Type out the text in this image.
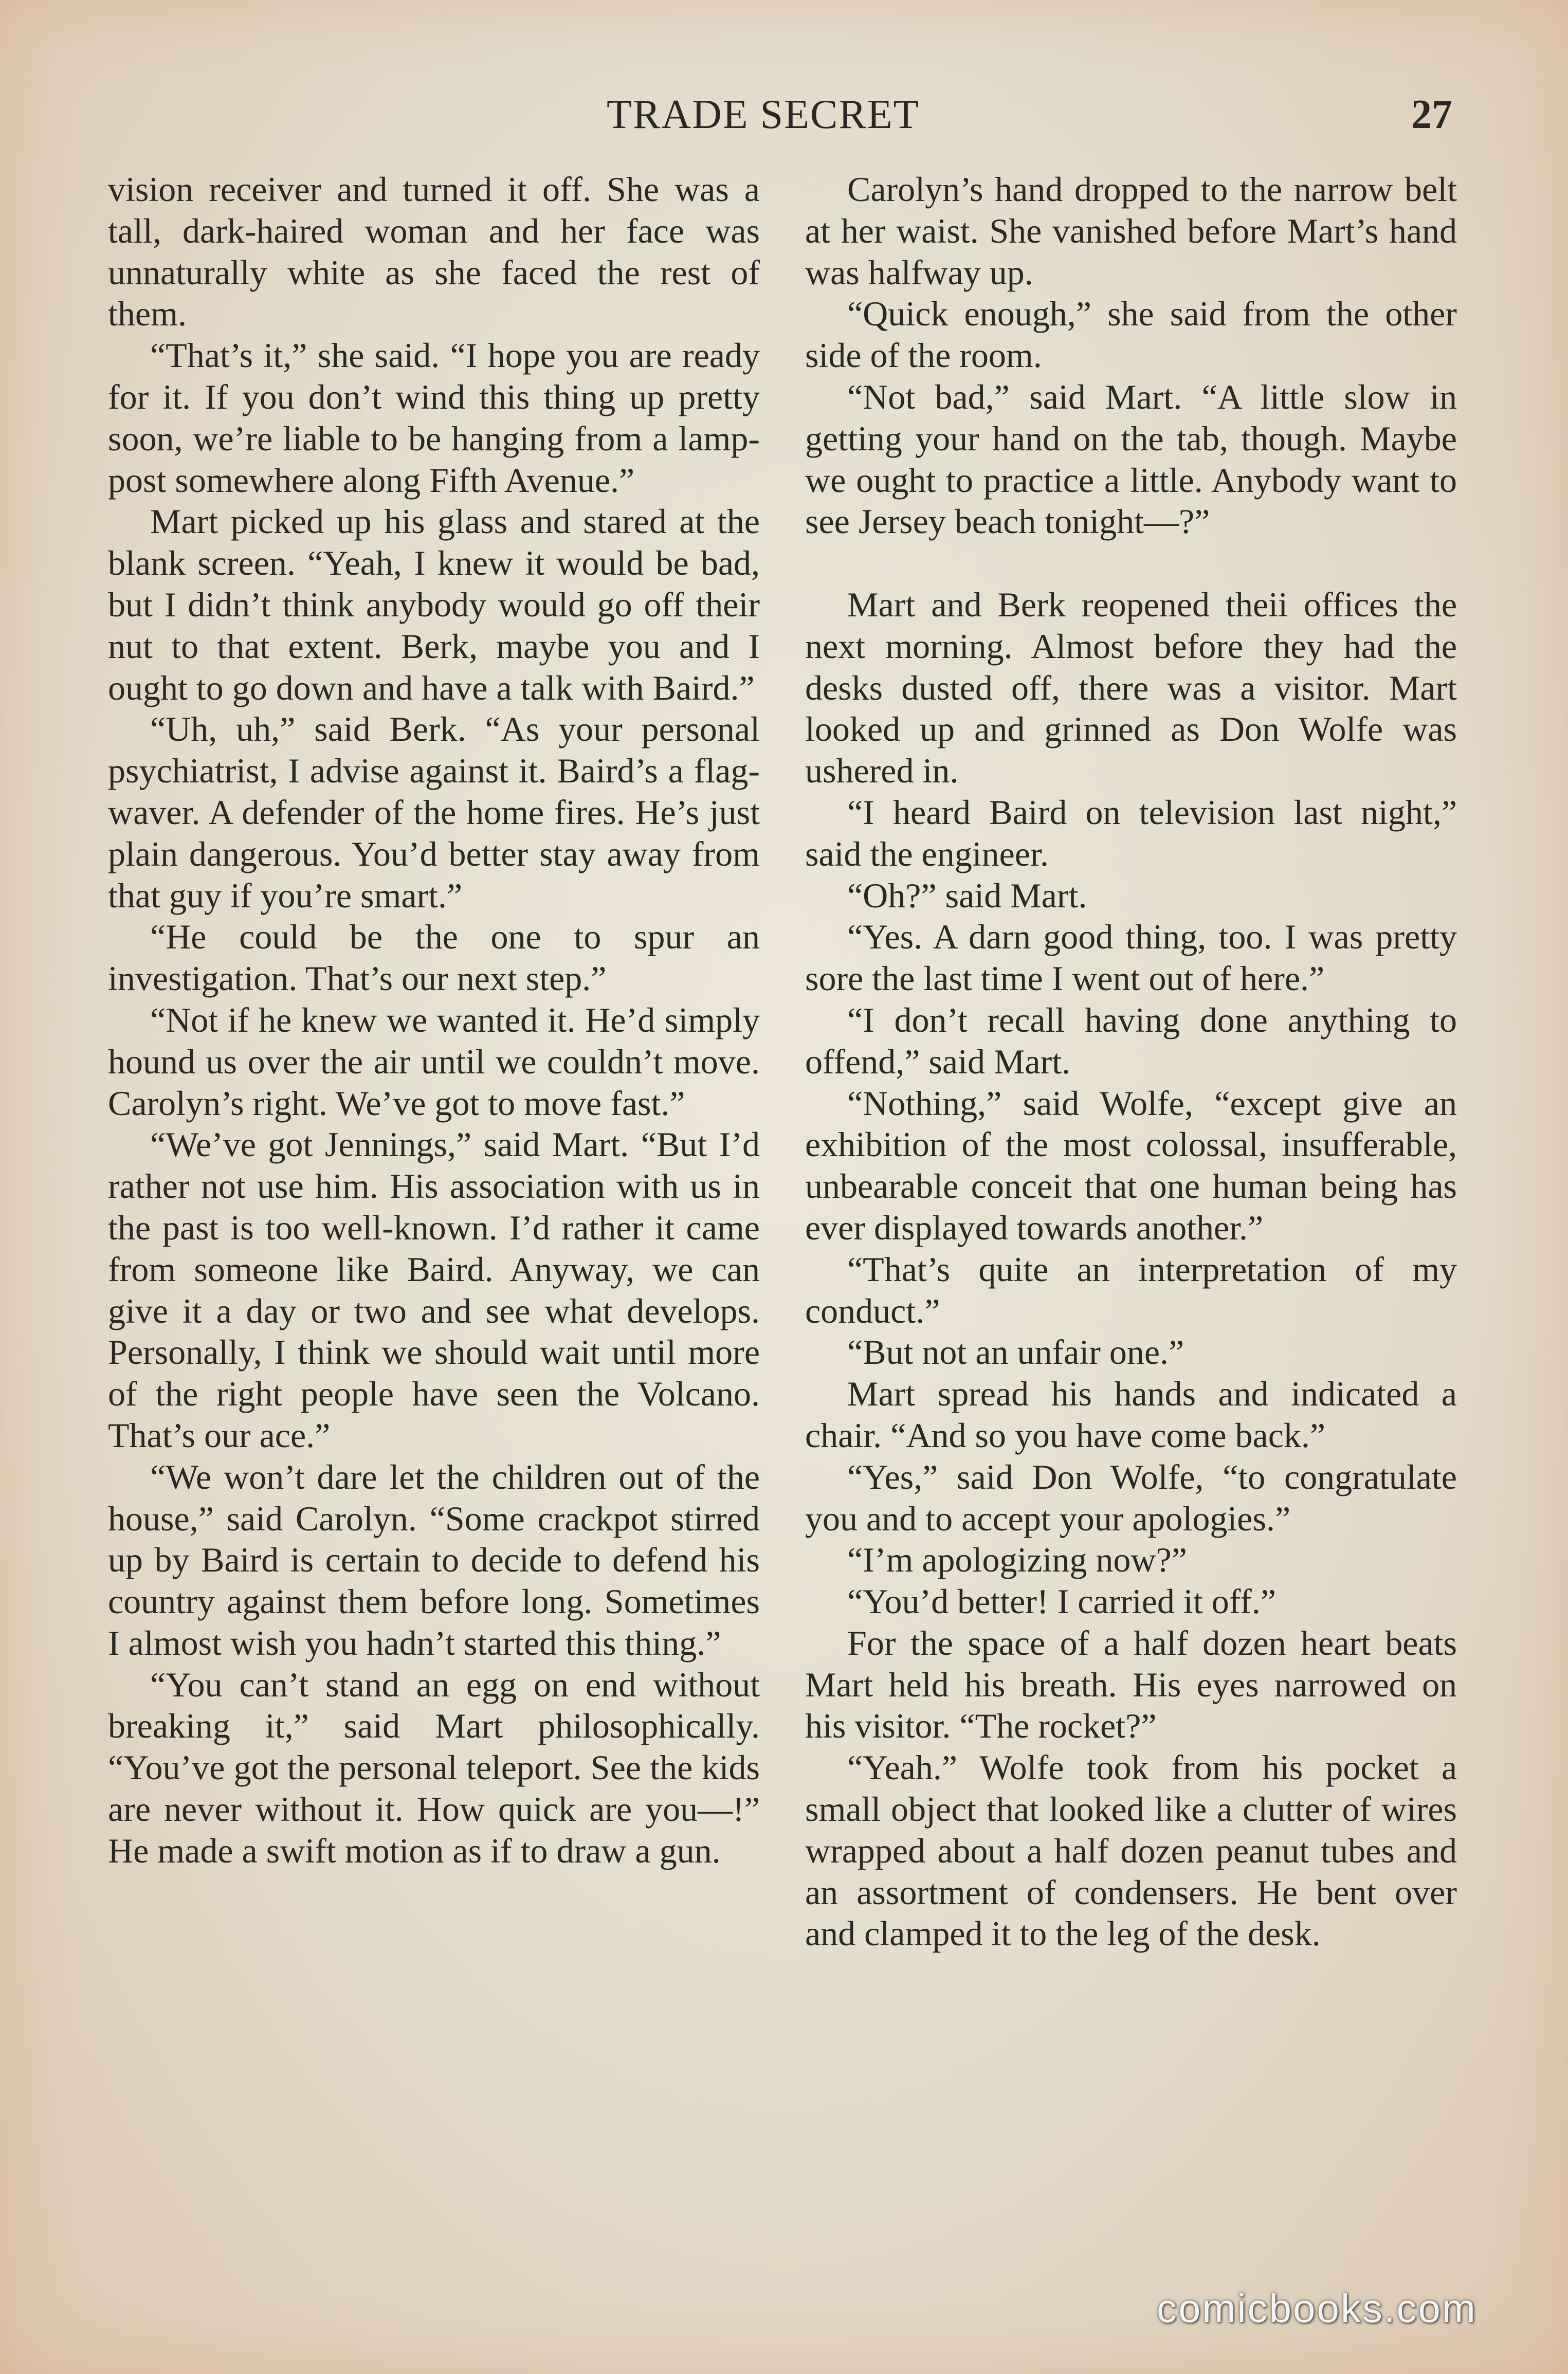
TRADE SECRET	27

vision receiver and turned it off. She was a tall, dark-haired woman and her face was unnaturally white as she faced the rest of them.

“That’s it,” she said. “I hope you are ready for it. If you don’t wind this thing up pretty soon, we’re liable to be hanging from a lamp-post somewhere along Fifth Avenue.”

Mart picked up his glass and stared at the blank screen. “Yeah, I knew it would be bad, but I didn’t think anybody would go off their nut to that extent. Berk, maybe you and I ought to go down and have a talk with Baird.”

“Uh, uh,” said Berk. “As your personal psychiatrist, I advise against it. Baird’s a flag-waver. A defender of the home fires. He’s just plain dangerous. You’d better stay away from that guy if you’re smart.”

“He could be the one to spur an investigation. That’s our next step.”

“Not if he knew we wanted it. He’d simply hound us over the air until we couldn’t move. Carolyn’s right. We’ve got to move fast.”

“We’ve got Jennings,” said Mart. “But I’d rather not use him. His association with us in the past is too well-known. I’d rather it came from someone like Baird. Anyway, we can give it a day or two and see what develops. Personally, I think we should wait until more of the right people have seen the Volcano. That’s our ace.”

“We won’t dare let the children out of the house,” said Carolyn. “Some crackpot stirred up by Baird is certain to decide to defend his country against them before long. Sometimes I almost wish you hadn’t started this thing.”

“You can’t stand an egg on end without breaking it,” said Mart philosophically. “You’ve got the personal teleport. See the kids are never without it. How quick are you—!” He made a swift motion as if to draw a gun.

Carolyn’s hand dropped to the narrow belt at her waist. She vanished before Mart’s hand was halfway up.

“Quick enough,” she said from the other side of the room.

“Not bad,” said Mart. “A little slow in getting your hand on the tab, though. Maybe we ought to practice a little. Anybody want to see Jersey beach tonight—?”

Mart and Berk reopened theii offices the next morning. Almost before they had the desks dusted off, there was a visitor. Mart looked up and grinned as Don Wolfe was ushered in.

“I heard Baird on television last night,” said the engineer.

“Oh?” said Mart.

“Yes. A darn good thing, too. I was pretty sore the last time I went out of here.”

“I don’t recall having done anything to offend,” said Mart.

“Nothing,” said Wolfe, “except give an exhibition of the most colossal, insufferable, unbearable conceit that one human being has ever displayed towards another.”

“That’s quite an interpretation of my conduct.”

“But not an unfair one.”

Mart spread his hands and indicated a chair. “And so you have come back.”

“Yes,” said Don Wolfe, “to congratulate you and to accept your apologies.”

“I’m apologizing now?”

“You’d better! I carried it off.”

For the space of a half dozen heart beats Mart held his breath. His eyes narrowed on his visitor. “The rocket?”

“Yeah.” Wolfe took from his pocket a small object that looked like a clutter of wires wrapped about a half dozen peanut tubes and an assortment of condensers. He bent over and clamped it to the leg of the desk.

comicbooks.com
